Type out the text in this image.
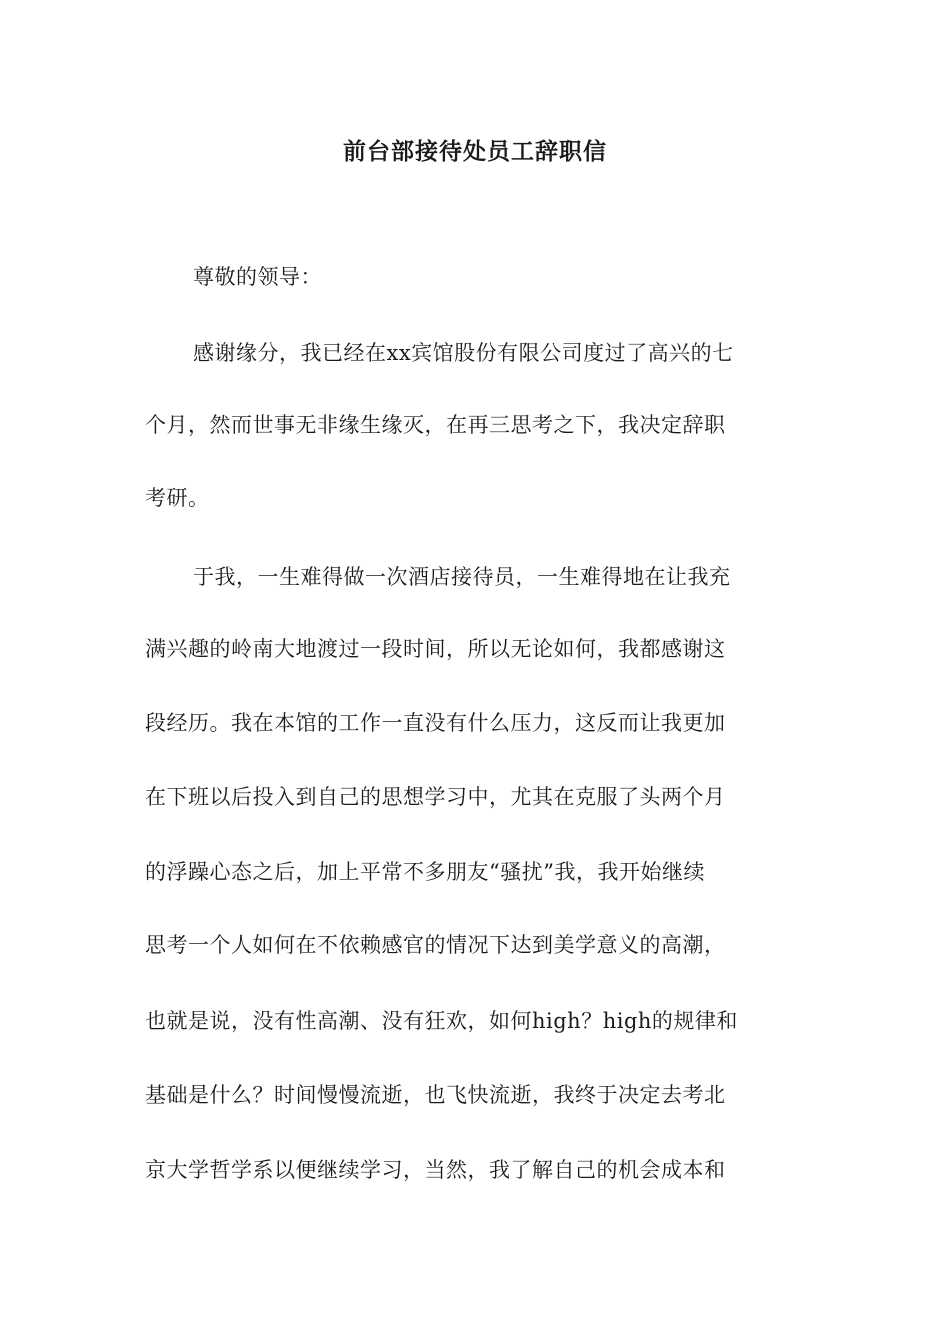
前台部接待处员工辞职信
尊敬的领导：
感谢缘分，我已经在xx宾馆股份有限公司度过了高兴的七
个月，然而世事无非缘生缘灭，在再三思考之下，我决定辞职
考研。
于我，一生难得做一次酒店接待员，一生难得地在让我充
满兴趣的岭南大地渡过一段时间，所以无论如何，我都感谢这
段经历。我在本馆的工作一直没有什么压力，这反而让我更加
在下班以后投入到自己的思想学习中，尤其在克服了头两个月
的浮躁心态之后，加上平常不多朋友“骚扰”我，我开始继续
思考一个人如何在不依赖感官的情况下达到美学意义的高潮，
也就是说，没有性高潮、没有狂欢，如何high？high的规律和
基础是什么？时间慢慢流逝，也飞快流逝，我终于决定去考北
京大学哲学系以便继续学习，当然，我了解自己的机会成本和
